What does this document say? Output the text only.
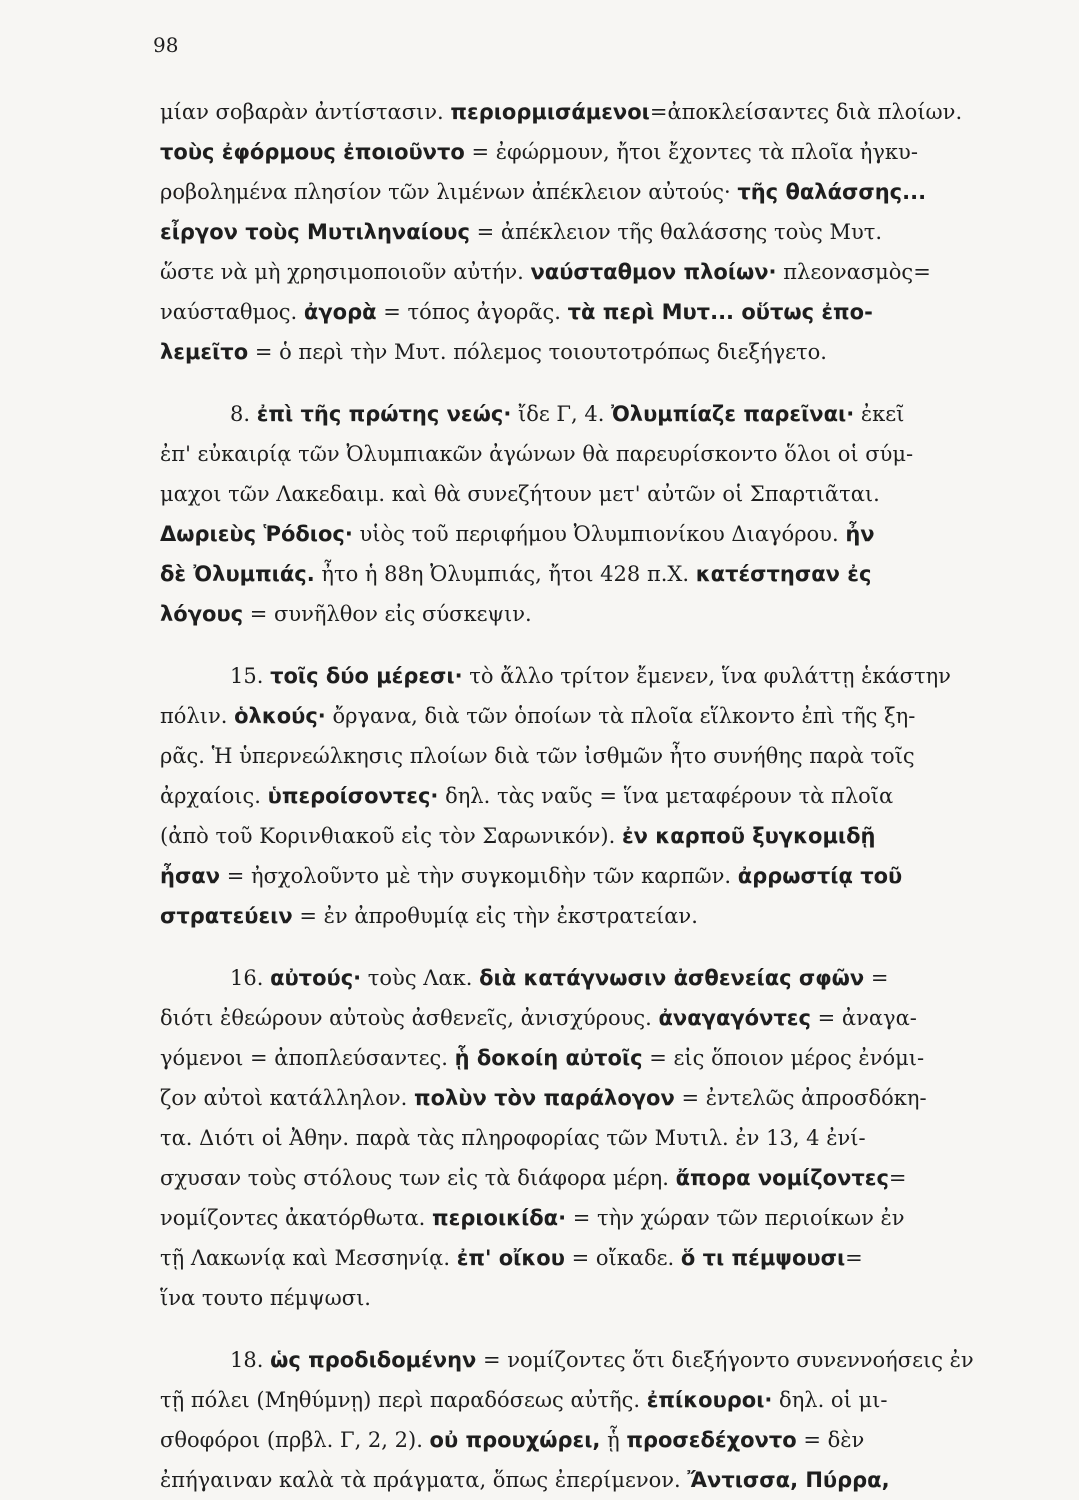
98
μίαν σοβαρὰν ἀντίστασιν. περιορμισάμενοι=ἀποκλείσαντες διὰ πλοίων.
τοὺς ἐφόρμους ἐποιοῦντο = ἐφώρμουν, ἤτοι ἔχοντες τὰ πλοῖα ἠγκυ-
ροβολημένα πλησίον τῶν λιμένων ἀπέκλειον αὐτούς· τῆς θαλάσσης...
εἶργον τοὺς Μυτιληναίους = ἀπέκλειον τῆς θαλάσσης τοὺς Μυτ.
ὥστε νὰ μὴ χρησιμοποιοῦν αὐτήν. ναύσταθμον πλοίων· πλεονασμὸς=
ναύσταθμος. ἀγορὰ = τόπος ἀγορᾶς. τὰ περὶ Μυτ... οὕτως ἐπο-
λεμεῖτο = ὁ περὶ τὴν Μυτ. πόλεμος τοιουτοτρόπως διεξήγετο.
8. ἐπὶ τῆς πρώτης νεώς· ἴδε Γ, 4. Ὀλυμπίαζε παρεῖναι· ἐκεῖ
ἐπ' εὐκαιρίᾳ τῶν Ὀλυμπιακῶν ἀγώνων θὰ παρευρίσκοντο ὅλοι οἱ σύμ-
μαχοι τῶν Λακεδαιμ. καὶ θὰ συνεζήτουν μετ' αὐτῶν οἱ Σπαρτιᾶται.
Δωριεὺς Ῥόδιος· υἱὸς τοῦ περιφήμου Ὀλυμπιονίκου Διαγόρου. ἦν
δὲ Ὀλυμπιάς. ἦτο ἡ 88η Ὀλυμπιάς, ἤτοι 428 π.Χ. κατέστησαν ἐς
λόγους = συνῆλθον εἰς σύσκεψιν.
15. τοῖς δύο μέρεσι· τὸ ἄλλο τρίτον ἔμενεν, ἵνα φυλάττῃ ἑκάστην
πόλιν. ὁλκούς· ὄργανα, διὰ τῶν ὁποίων τὰ πλοῖα εἵλκοντο ἐπὶ τῆς ξη-
ρᾶς. Ἡ ὑπερνεώλκησις πλοίων διὰ τῶν ἰσθμῶν ἦτο συνήθης παρὰ τοῖς
ἀρχαίοις. ὑπεροίσοντες· δηλ. τὰς ναῦς = ἵνα μεταφέρουν τὰ πλοῖα
(ἀπὸ τοῦ Κορινθιακοῦ εἰς τὸν Σαρωνικόν). ἐν καρποῦ ξυγκομιδῇ
ἦσαν = ἠσχολοῦντο μὲ τὴν συγκομιδὴν τῶν καρπῶν. ἀρρωστίᾳ τοῦ
στρατεύειν = ἐν ἀπροθυμίᾳ εἰς τὴν ἐκστρατείαν.
16. αὐτούς· τοὺς Λακ. διὰ κατάγνωσιν ἀσθενείας σφῶν =
διότι ἐθεώρουν αὐτοὺς ἀσθενεῖς, ἀνισχύρους. ἀναγαγόντες = ἀναγα-
γόμενοι = ἀποπλεύσαντες. ᾗ δοκοίη αὐτοῖς = εἰς ὅποιον μέρος ἐνόμι-
ζον αὐτοὶ κατάλληλον. πολὺν τὸν παράλογον = ἐντελῶς ἀπροσδόκη-
τα. Διότι οἱ Ἀθην. παρὰ τὰς πληροφορίας τῶν Μυτιλ. ἐν 13, 4 ἐνί-
σχυσαν τοὺς στόλους των εἰς τὰ διάφορα μέρη. ἄπορα νομίζοντες=
νομίζοντες ἀκατόρθωτα. περιοικίδα· = τὴν χώραν τῶν περιοίκων ἐν
τῇ Λακωνίᾳ καὶ Μεσσηνίᾳ. ἐπ' οἴκου = οἴκαδε. ὅ τι πέμψουσι=
ἵνα τουτο πέμψωσι.
18. ὡς προδιδομένην = νομίζοντες ὅτι διεξήγοντο συνεννοήσεις ἐν
τῇ πόλει (Μηθύμνῃ) περὶ παραδόσεως αὐτῆς. ἐπίκουροι· δηλ. οἱ μι-
σθοφόροι (πρβλ. Γ, 2, 2). οὐ προυχώρει, ᾗ προσεδέχοντο = δὲν
ἐπήγαιναν καλὰ τὰ πράγματα, ὅπως ἐπερίμενον. Ἄντισσα, Πύρρα,
